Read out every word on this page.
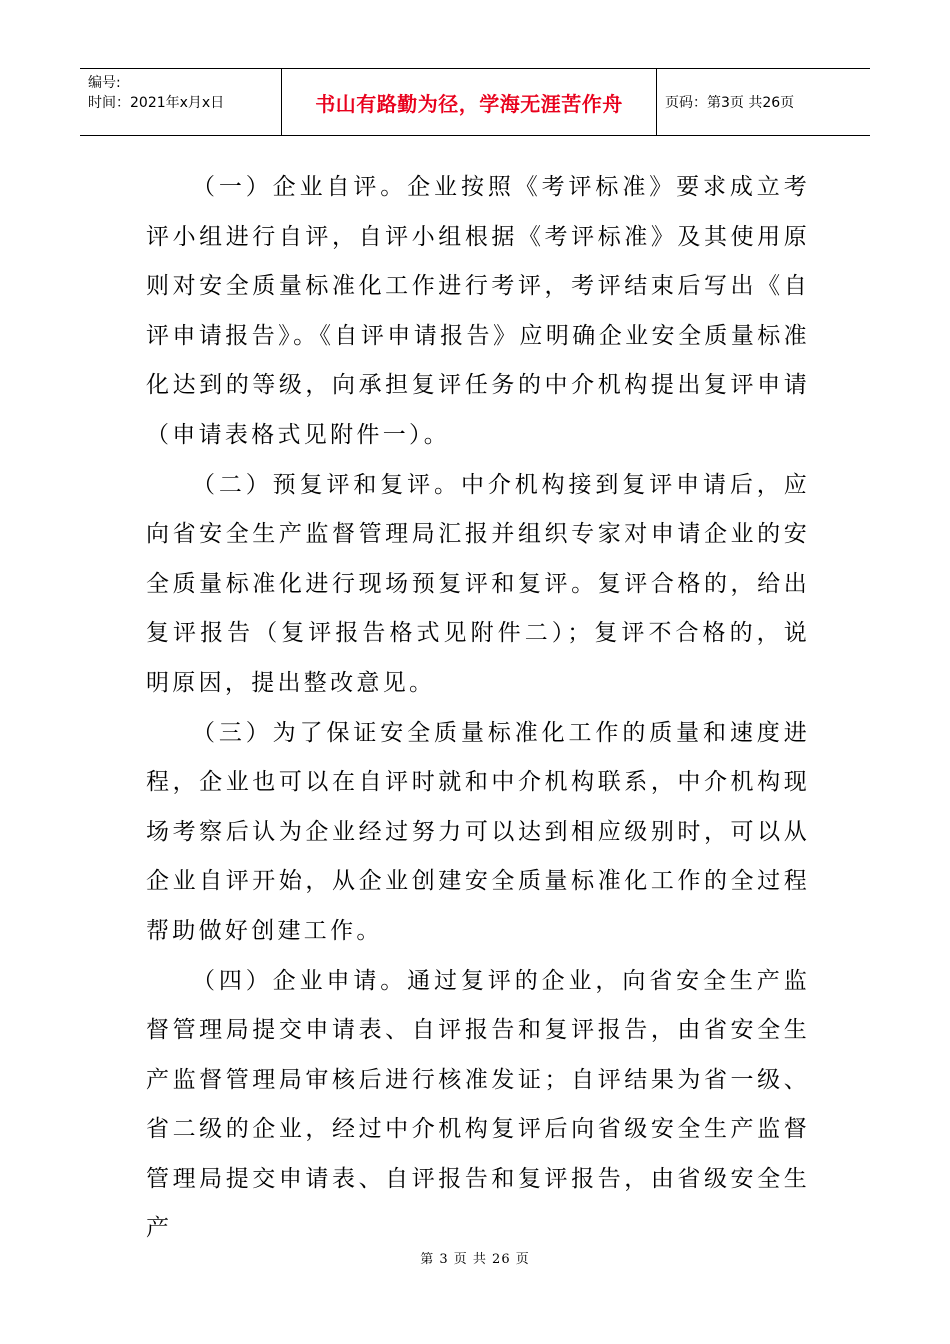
编号:
时间：2021年x月x日	书山有路勤为径，学海无涯苦作舟	页码：第3页 共26页

（一）企业自评。企业按照《考评标准》要求成立考评小组进行自评，自评小组根据《考评标准》及其使用原则对安全质量标准化工作进行考评，考评结束后写出《自评申请报告》。《自评申请报告》应明确企业安全质量标准化达到的等级，向承担复评任务的中介机构提出复评申请（申请表格式见附件一）。

（二）预复评和复评。中介机构接到复评申请后，应向省安全生产监督管理局汇报并组织专家对申请企业的安全质量标准化进行现场预复评和复评。复评合格的，给出复评报告（复评报告格式见附件二）；复评不合格的，说明原因，提出整改意见。

（三）为了保证安全质量标准化工作的质量和速度进程，企业也可以在自评时就和中介机构联系，中介机构现场考察后认为企业经过努力可以达到相应级别时，可以从企业自评开始，从企业创建安全质量标准化工作的全过程帮助做好创建工作。

（四）企业申请。通过复评的企业，向省安全生产监督管理局提交申请表、自评报告和复评报告，由省安全生产监督管理局审核后进行核准发证；自评结果为省一级、省二级的企业，经过中介机构复评后向省级安全生产监督管理局提交申请表、自评报告和复评报告，由省级安全生产

第 3 页 共 26 页
